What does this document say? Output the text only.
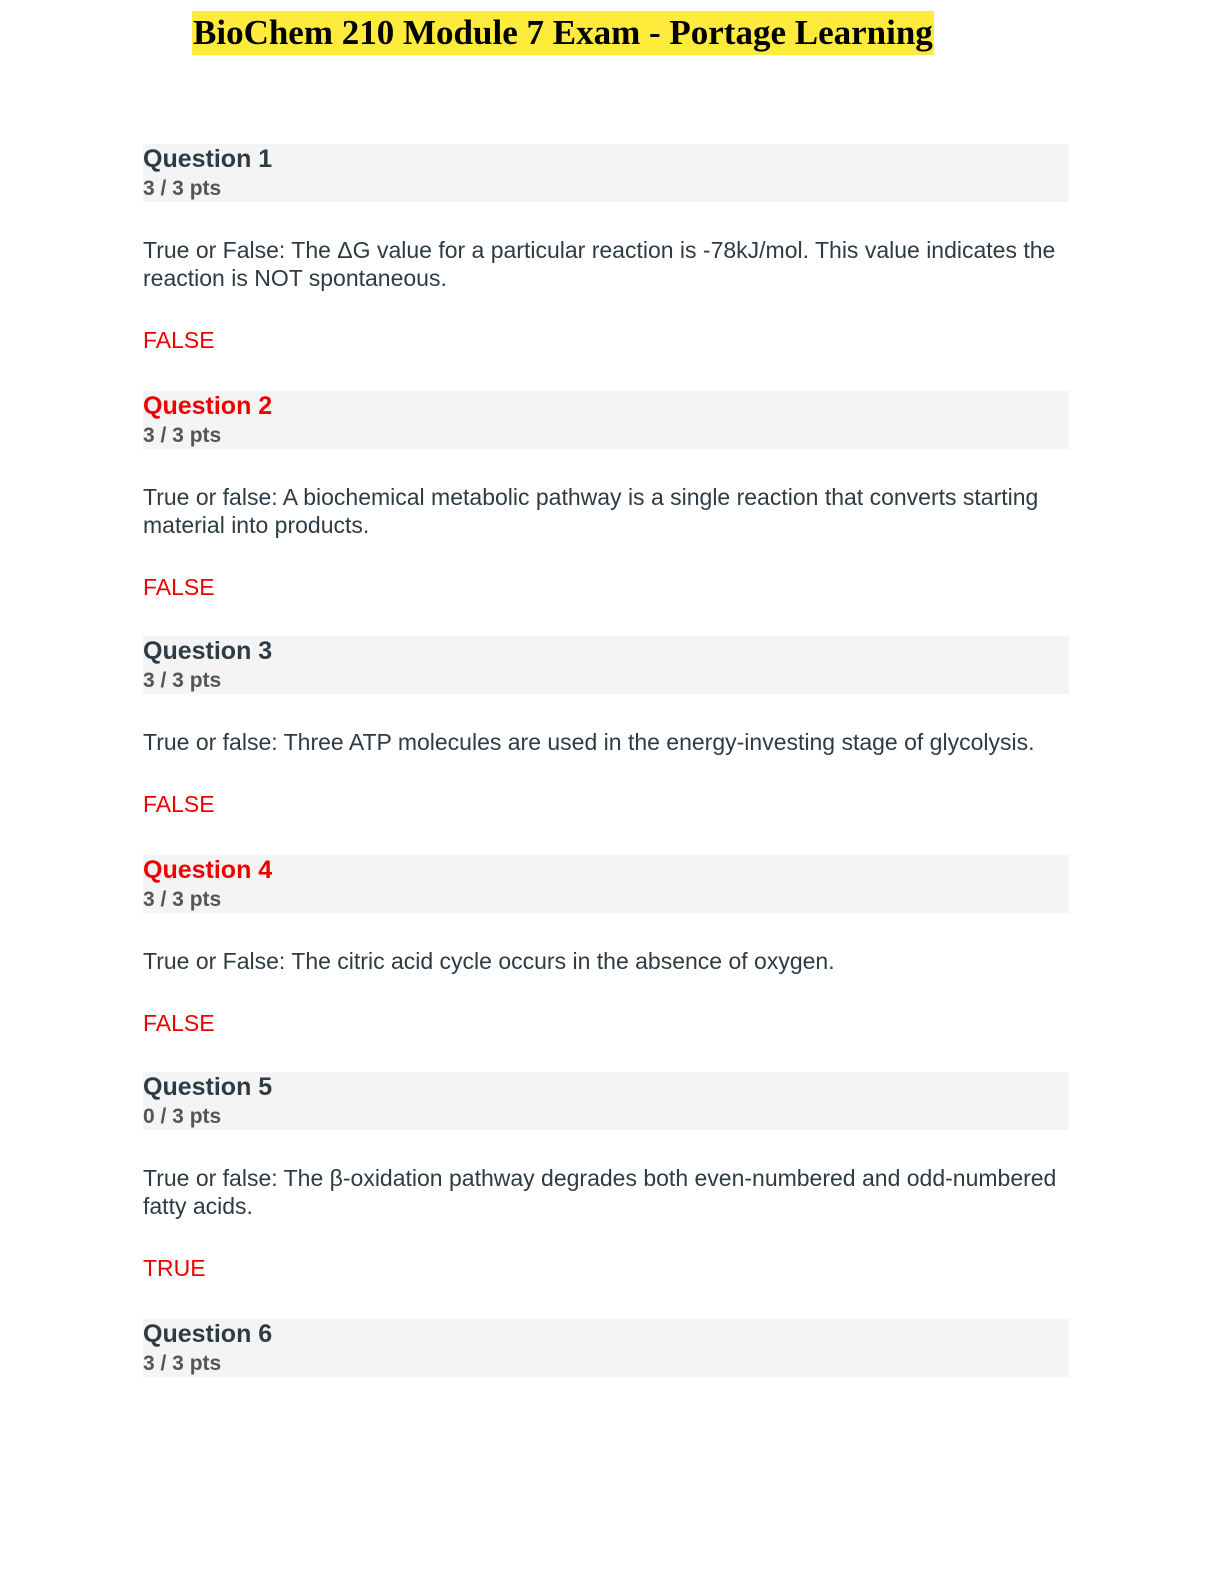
BioChem 210 Module 7 Exam - Portage Learning
Question 1
3 / 3 pts
True or False: The ΔG value for a particular reaction is -78kJ/mol. This value indicates the reaction is NOT spontaneous.
FALSE
Question 2
3 / 3 pts
True or false: A biochemical metabolic pathway is a single reaction that converts starting material into products.
FALSE
Question 3
3 / 3 pts
True or false: Three ATP molecules are used in the energy-investing stage of glycolysis.
FALSE
Question 4
3 / 3 pts
True or False: The citric acid cycle occurs in the absence of oxygen.
FALSE
Question 5
0 / 3 pts
True or false: The β-oxidation pathway degrades both even-numbered and odd-numbered fatty acids.
TRUE
Question 6
3 / 3 pts
